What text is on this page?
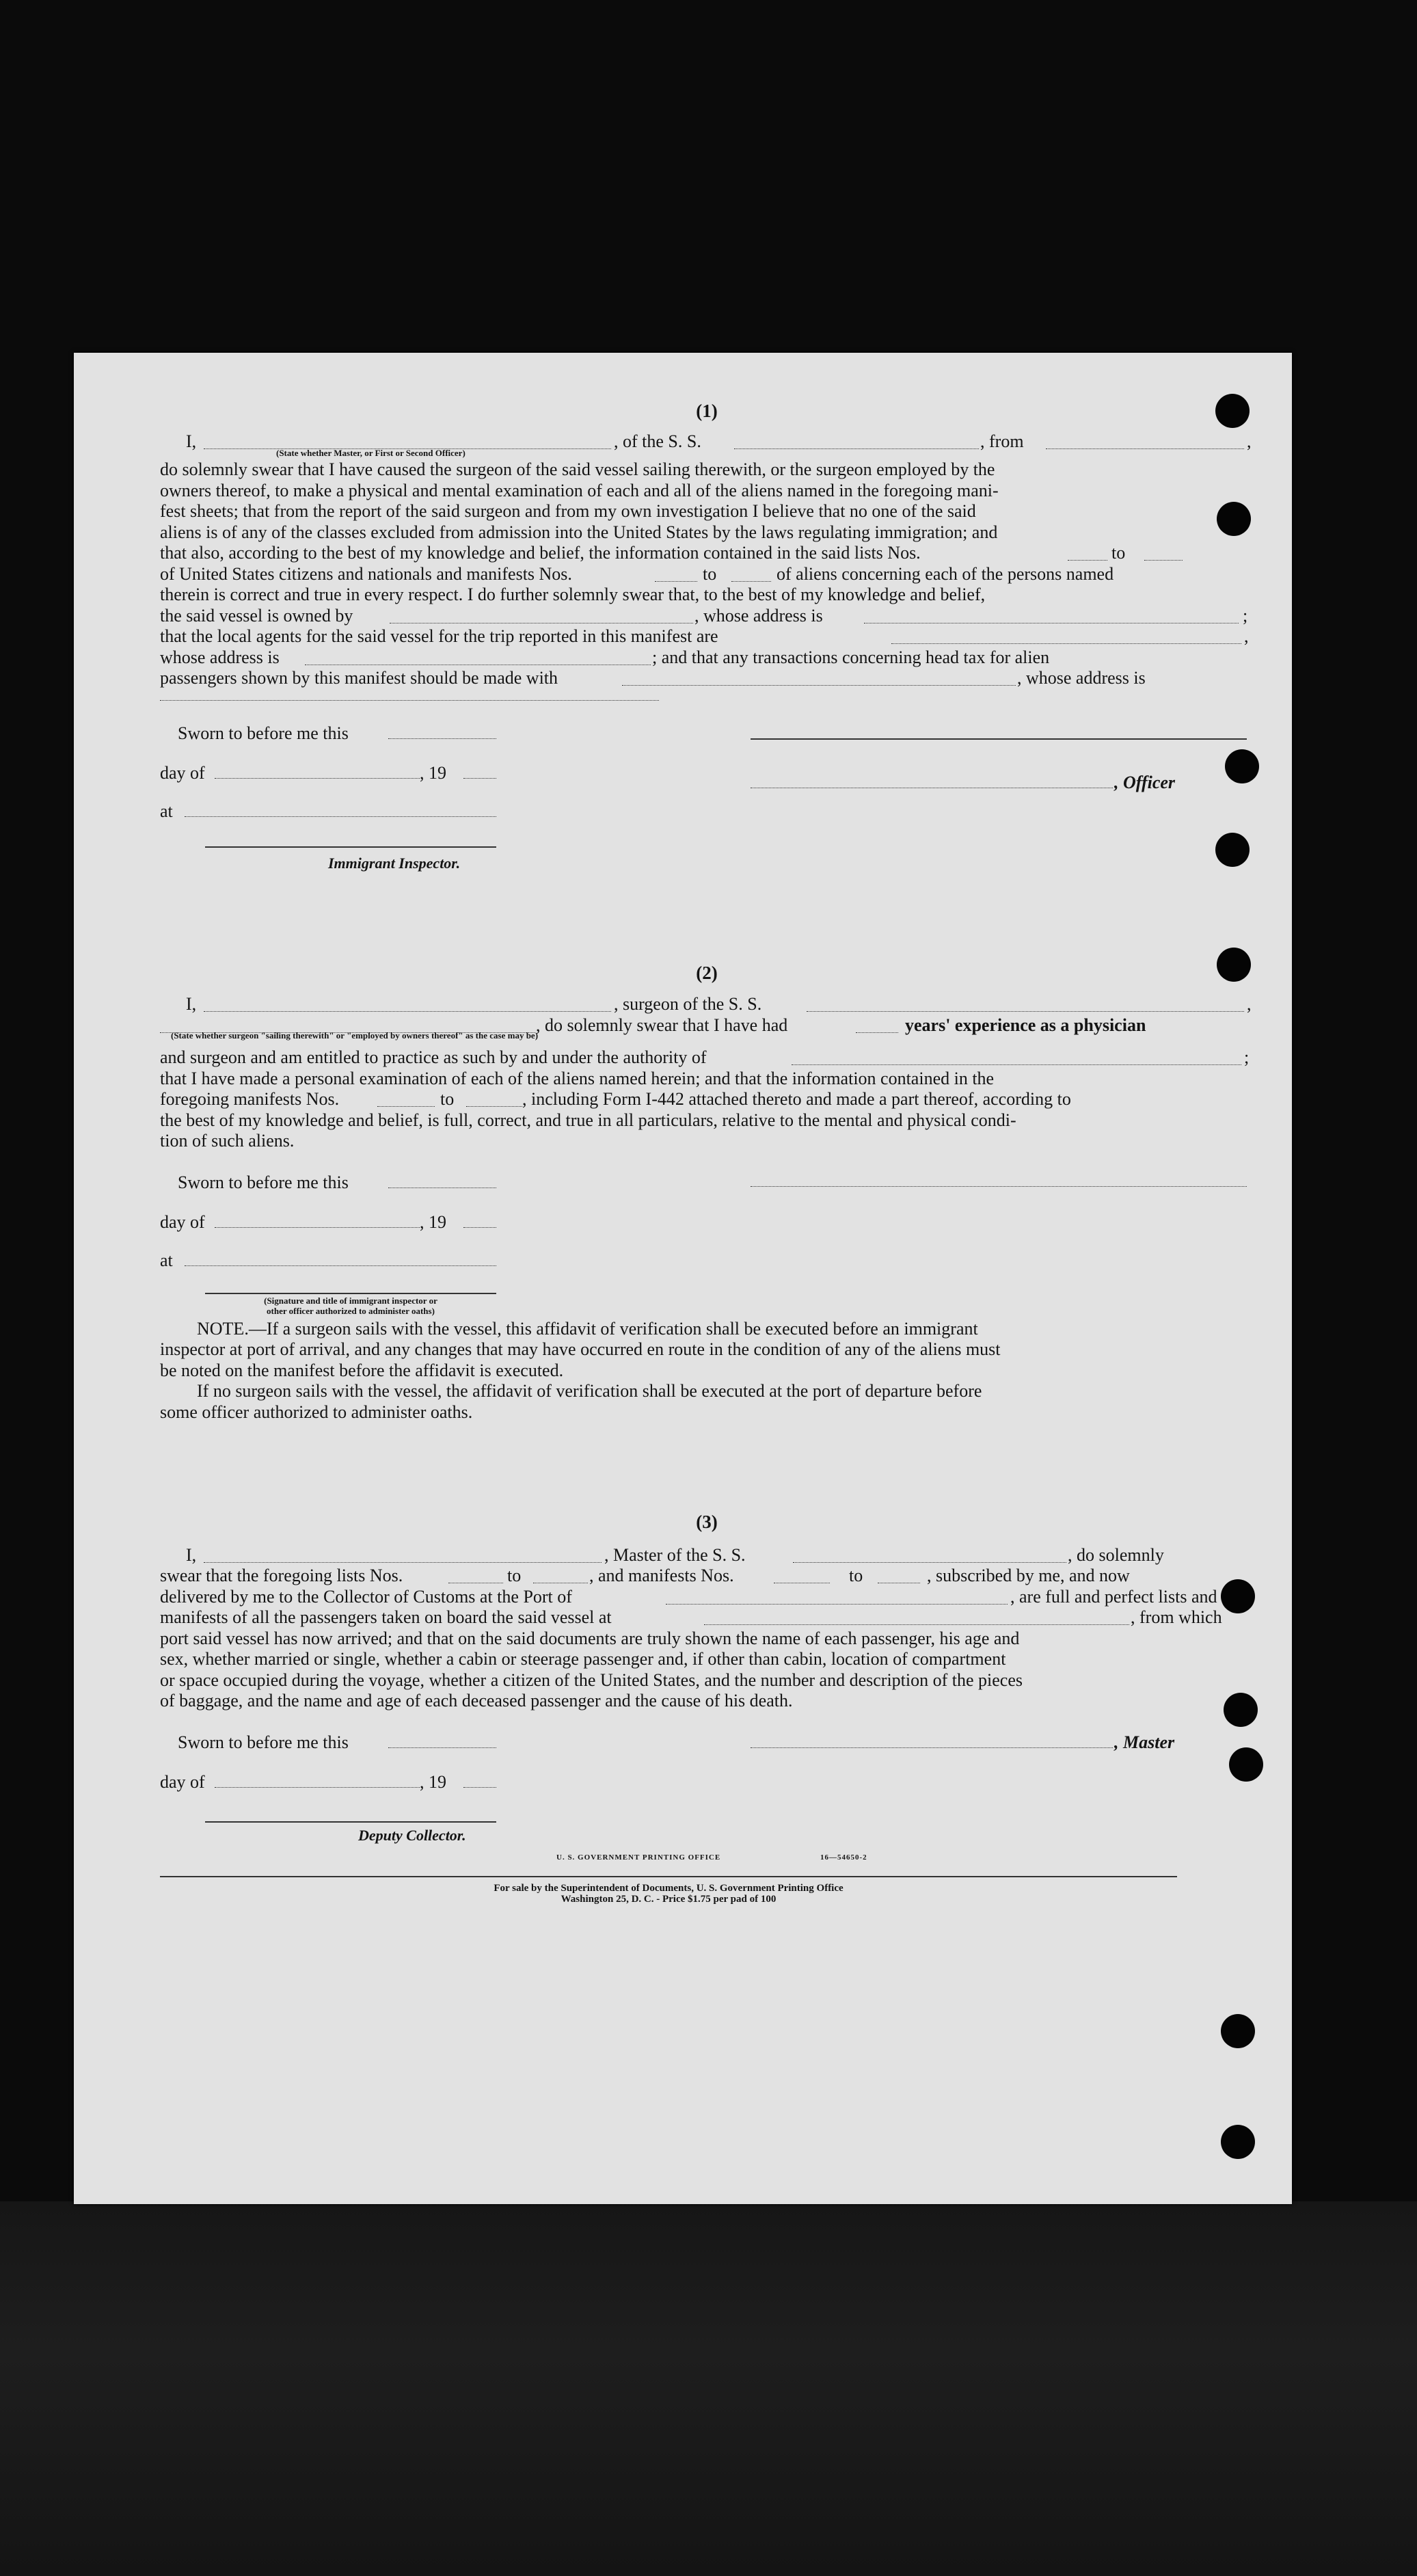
(1)
I,	, of the S. S.	, from	,
(State whether Master, or First or Second Officer)

do solemnly swear that I have caused the surgeon of the said vessel sailing therewith, or the surgeon employed by the

owners thereof, to make a physical and mental examination of each and all of the aliens named in the foregoing mani-

fest sheets; that from the report of the said surgeon and from my own investigation I believe that no one of the said

aliens is of any of the classes excluded from admission into the United States by the laws regulating immigration; and

that also, according to the best of my knowledge and belief, the information contained in the said lists Nos.	to
of United States citizens and nationals and manifests Nos.	to	of aliens concerning each of the persons named

therein is correct and true in every respect. I do further solemnly swear that, to the best of my knowledge and belief,

the said vessel is owned by	, whose address is	;
that the local agents for the said vessel for the trip reported in this manifest are	,
whose address is	; and that any transactions concerning head tax for alien
passengers shown by this manifest should be made with	, whose address is
Sworn to before me this
day of	, 19	, Officer
at
Immigrant Inspector.
(2)
I,	, surgeon of the S. S.	,
, do solemnly swear that I have had	years' experience as a physician
(State whether surgeon "sailing therewith" or "employed by owners thereof" as the case may be)
and surgeon and am entitled to practice as such by and under the authority of	;

that I have made a personal examination of each of the aliens named herein; and that the information contained in the

foregoing manifests Nos.	to	, including Form I-442 attached thereto and made a part thereof, according to

the best of my knowledge and belief, is full, correct, and true in all particulars, relative to the mental and physical condi-

tion of such aliens.

Sworn to before me this
day of	, 19
at
(Signature and title of immigrant inspector or
other officer authorized to administer oaths)

NOTE.—If a surgeon sails with the vessel, this affidavit of verification shall be executed before an immigrant

inspector at port of arrival, and any changes that may have occurred en route in the condition of any of the aliens must

be noted on the manifest before the affidavit is executed.

If no surgeon sails with the vessel, the affidavit of verification shall be executed at the port of departure before

some officer authorized to administer oaths.

(3)
I,	, Master of the S. S.	, do solemnly
swear that the foregoing lists Nos.	to	, and manifests Nos.	to	, subscribed by me, and now
delivered by me to the Collector of Customs at the Port of	, are full and perfect lists and
manifests of all the passengers taken on board the said vessel at	, from which

port said vessel has now arrived; and that on the said documents are truly shown the name of each passenger, his age and

sex, whether married or single, whether a cabin or steerage passenger and, if other than cabin, location of compartment

or space occupied during the voyage, whether a citizen of the United States, and the number and description of the pieces

of baggage, and the name and age of each deceased passenger and the cause of his death.

Sworn to before me this	, Master
day of	, 19
Deputy Collector.
U. S. GOVERNMENT PRINTING OFFICE	16—54650-2
For sale by the Superintendent of Documents, U. S. Government Printing Office
Washington 25, D. C. - Price $1.75 per pad of 100
